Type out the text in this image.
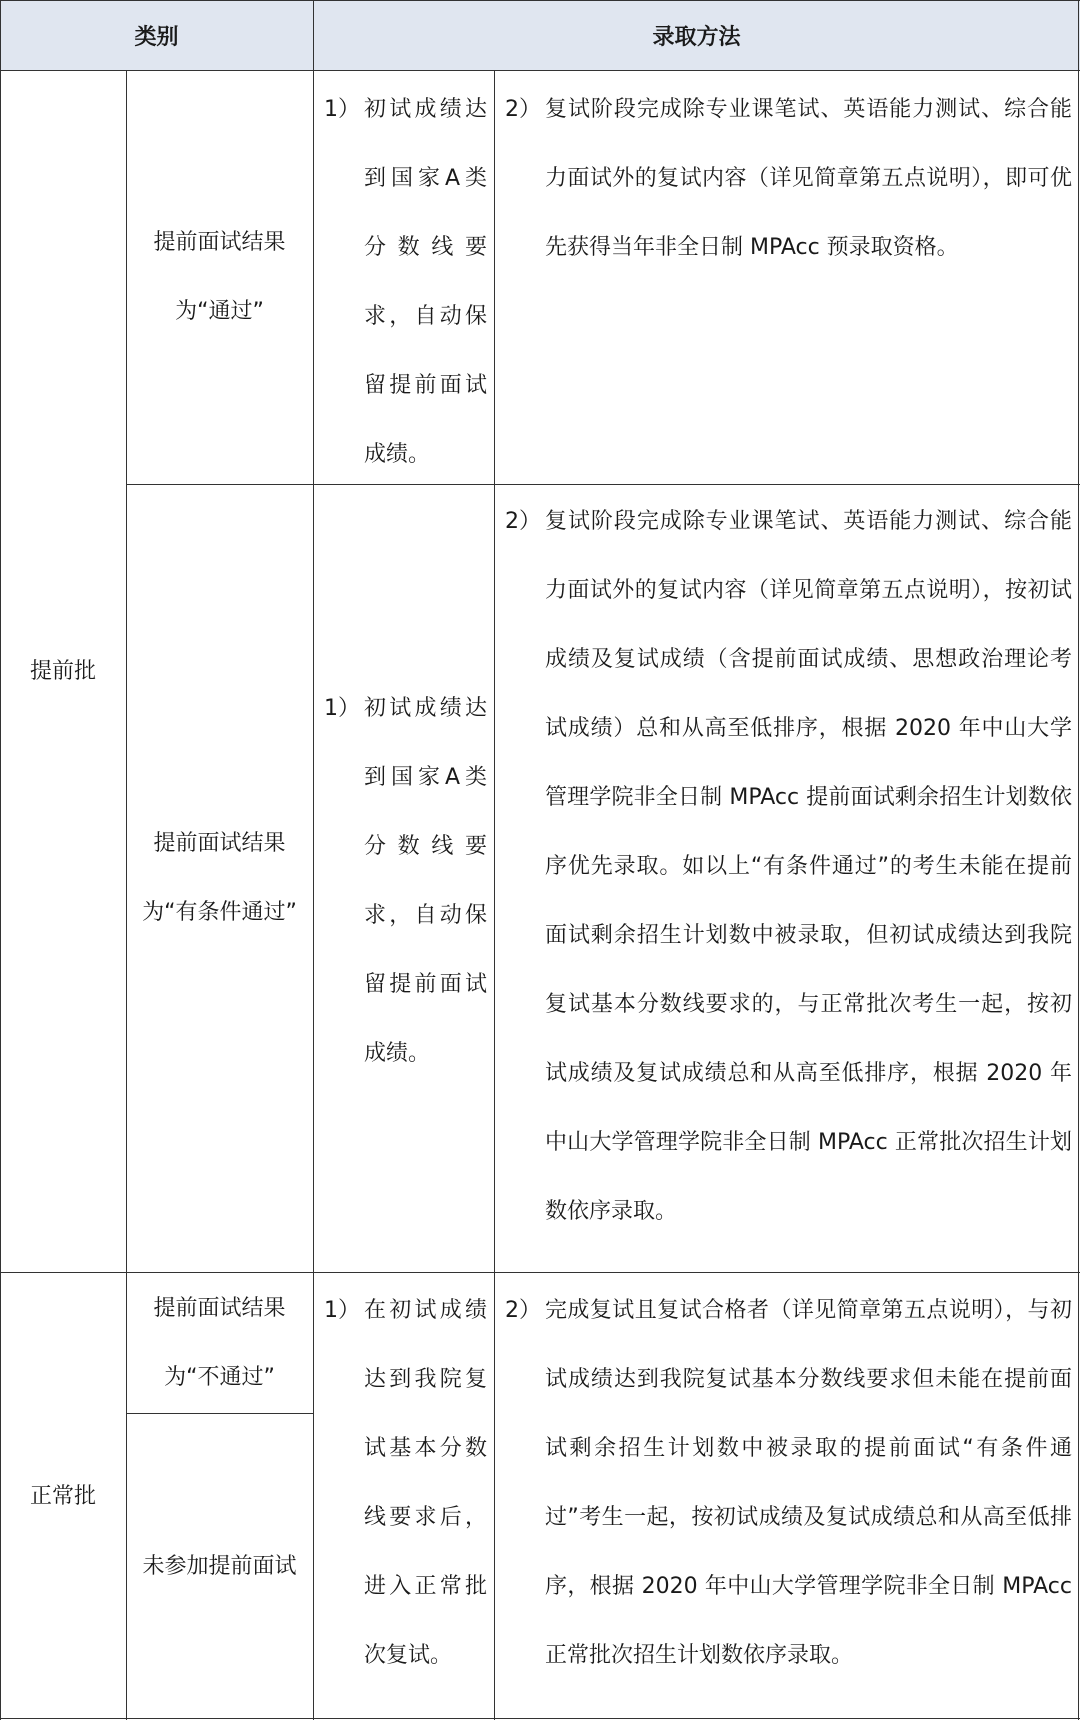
类别	录取方法
提前批
提前面试结果为“通过”
1） 初试成绩达到国家A类分数线要求，自动保留提前面试成绩。
2） 复试阶段完成除专业课笔试、英语能力测试、综合能力面试外的复试内容（详见简章第五点说明），即可优先获得当年非全日制 MPAcc 预录取资格。
提前面试结果为“有条件通过”
1） 初试成绩达到国家A类分数线要求，自动保留提前面试成绩。
2） 复试阶段完成除专业课笔试、英语能力测试、综合能力面试外的复试内容（详见简章第五点说明），按初试成绩及复试成绩（含提前面试成绩、思想政治理论考试成绩）总和从高至低排序，根据 2020 年中山大学管理学院非全日制 MPAcc 提前面试剩余招生计划数依序优先录取。如以上“有条件通过”的考生未能在提前面试剩余招生计划数中被录取，但初试成绩达到我院复试基本分数线要求的，与正常批次考生一起，按初试成绩及复试成绩总和从高至低排序，根据 2020 年中山大学管理学院非全日制 MPAcc 正常批次招生计划数依序录取。
正常批
提前面试结果为“不通过”
未参加提前面试
1） 在初试成绩达到我院复试基本分数线要求后，进入正常批次复试。
2） 完成复试且复试合格者（详见简章第五点说明），与初试成绩达到我院复试基本分数线要求但未能在提前面试剩余招生计划数中被录取的提前面试“有条件通过”考生一起，按初试成绩及复试成绩总和从高至低排序，根据 2020 年中山大学管理学院非全日制 MPAcc 正常批次招生计划数依序录取。
